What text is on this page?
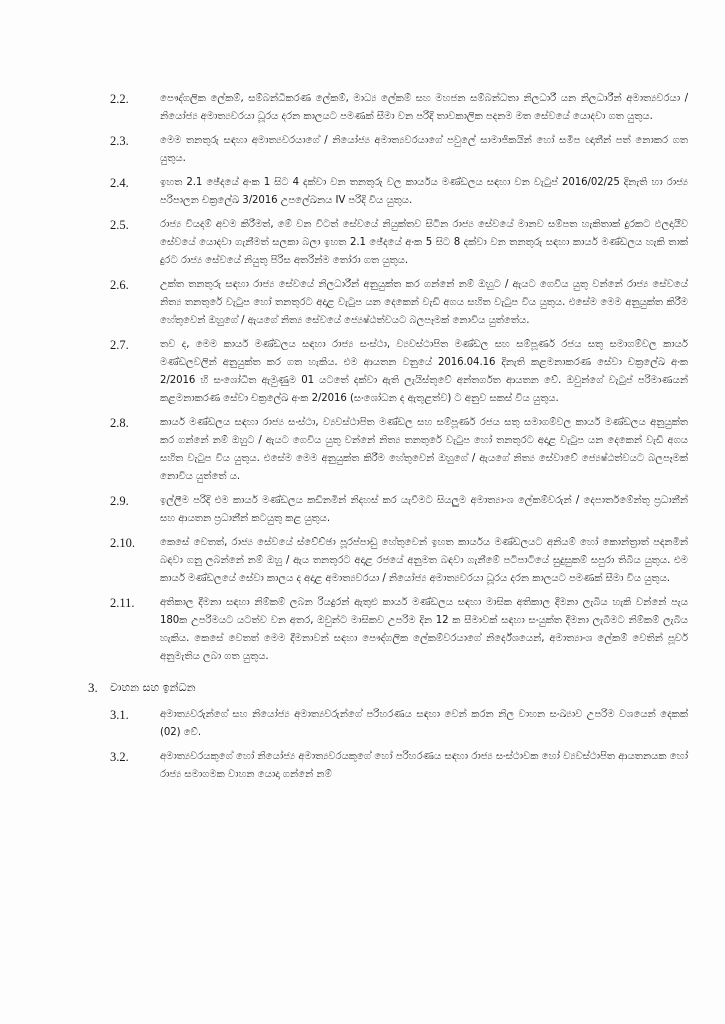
2.2.	පෞද්ගලික ලේකම්, සම්බන්ධීකරණ ලේකම්, මාධ්‍ය ලේකම් සහ මහජන සම්බන්ධතා නිලධාරී යන නිලධාරීන් අමාත්‍යවරයා / නියෝජ්‍ය අමාත්‍යවරයා ධූරය දරන කාලයට පමණක් සීමා වන පරිදි තාවකාලික පදනම මත සේවයේ යොදවා ගත යුතුය.
2.3.	මෙම තනතුරු සඳහා අමාත්‍යවරයාගේ / නියෝජ්‍ය අමාත්‍යවරයාගේ පවුලේ සාමාජිකයින් හෝ සමීප ඥාතීන් පත් නොකර ගත යුතුය.
2.4.	ඉහත 2.1 ඡේදයේ අංක 1 සිට 4 දක්වා වන තනතුරු වල කාර්යය මණ්ඩලය සඳහා වන වැටුප් 2016/02/25 දිනැති හා රාජ්‍ය පරිපාලන චක්‍රලේඛ 3/2016 උපලේඛනය IV පරිදි විය යුතුය.
2.5.	රාජ්‍ය වියදම් අවම කිරීමත්, මේ වන විටත් සේවයේ නියුක්තව සිටින රාජ්‍ය සේවයේ මානව සම්පත හැකිතාක් දුරකට ඵලදායීව සේවයේ යොදවා ගැනීමත් සලකා බලා ඉහත 2.1 ඡේදයේ අංක 5 සිට 8 දක්වා වන තනතුරු සඳහා කාර්ය මණ්ඩලය හැකි තාක් දුරට රාජ්‍ය සේවයේ නියුතු පිරිස අතරින්ම තෝරා ගත යුතුය.
2.6.	උක්ත තනතුරු සඳහා රාජ්‍ය සේවයේ නිලධාරීන් අනුයුක්ත කර ගන්නේ නම් ඔහුට / ඇයට ගෙවිය යුතු වන්නේ රාජ්‍ය සේවයේ නිත්‍ය තනතුරේ වැටුප හෝ තනතුරට අදාළ වැටුප යන දෙකෙන් වැඩි අගය සහිත වැටුප විය යුතුය. එසේම මෙම අනුයුක්ත කිරීම හේතුවෙන් ඔහුගේ / ඇයගේ නිත්‍ය සේවයේ ජ්‍යෙෂ්ඨත්වයට බලපෑමක් නොවිය යුත්තේය.
2.7.	තව ද, මෙම කාර්ය මණ්ඩලය සඳහා රාජ්‍ය සංස්ථා, ව්‍යවස්ථාපිත මණ්ඩල සහ සම්පූර්ණ රජය සතු සමාගම්වල කාර්ය මණ්ඩලවලින් අනුයුක්ත කර ගත හැකිය. එම ආයතන වනුයේ 2016.04.16 දිනැති කළමනාකරණ සේවා චක්‍රලේඛ අංක 2/2016 හි සංශෝධිත ඇමුණුම 01 යටතේ දක්වා ඇති ලැයිස්තුවේ අන්තර්ගත ආයතන වේ. ඔවුන්ගේ වැටුප් පරිමාණයන් කළමනාකරණ සේවා චක්‍රලේඛ අංක 2/2016 (සංශෝධන ද ඇතුළත්ව) ට අනුව සකස් විය යුතුය.
2.8.	කාර්ය මණ්ඩලය සඳහා රාජ්‍ය සංස්ථා, ව්‍යවස්ථාපිත මණ්ඩල සහ සම්පූර්ණ රජය සතු සමාගම්වල කාර්ය මණ්ඩලය අනුයුක්ත කර ගන්නේ නම් ඔහුට / ඇයට ගෙවිය යුතු වන්නේ නිත්‍ය තනතුරේ වැටුප හෝ තනතුරට අදාළ වැටුප යන දෙකෙන් වැඩි අගය සහිත වැටුප විය යුතුය. එසේම මෙම අනුයුක්ත කිරීම හේතුවෙන් ඔහුගේ / ඇයගේ නිත්‍ය සේවාවේ ජ්‍යෙෂ්ඨත්වයට බලපෑමක් නොවිය යුත්තේ ය.
2.9.	ඉල්ලීම පරිදි එම කාර්ය මණ්ඩලය කඩිනමින් නිදහස් කර යැවීමට සියලුම අමාත්‍යාංශ ලේකම්වරුන් / දෙපාර්තමේන්තු ප්‍රධානීන් සහ ආයතන ප්‍රධානීන් කටයුතු කළ යුතුය.
2.10.	කෙසේ වෙතත්, රාජ්‍ය සේවයේ ස්වේච්ඡා පූරප්පාඩු හේතුවෙන් ඉහත කාර්යය මණ්ඩලයට අනියම් හෝ කොන්ත්‍රාත් පදනමින් බඳවා ගනු ලබන්නේ නම් ඔහු / ඇය තනතුරට අදාළ රජයේ අනුමත බඳවා ගැනීමේ පටිපාටියේ සුදුසුකම් සපුරා තිබිය යුතුය. එම කාර්ය මණ්ඩලයේ සේවා කාලය ද අදාළ අමාත්‍යවරයා / නියෝජ්‍ය අමාත්‍යවරයා ධූරය දරන කාලයට පමණක් සීමා විය යුතුය.
2.11.	අතිකාල දීමනා සඳහා නිම්කම් ලබන රියදුරන් ඇතුළු කාර්ය මණ්ඩලය සඳහා මාසික අතිකාල දීමනා ලැබිය හැකි වන්නේ පැය 180ක උපරිමයට යටත්ව වන අතර, ඔවුන්ට මාසිකව උපරිම දින 12 ක සීමාවක් සඳහා සංයුක්ත දීමනා ලැබීමට නිම්කම් ලැබිය හැකිය. කෙසේ වෙතත් මෙම දීමනාවන් සඳහා පෞද්ගලික ලේකම්වරයාගේ නිර්දේශයෙන්, අමාත්‍යාංශ ලේකම් වෙතින් පූර්ව අනුමැතිය ලබා ගත යුතුය.
3.	වාහන සහ ඉන්ධන
3.1.	අමාත්‍යවරුන්ගේ සහ නියෝජ්‍ය අමාත්‍යවරුන්ගේ පරිහරණය සඳහා වෙන් කරන නිල වාහන සංඛ්‍යාව උපරිම වශයෙන් දෙකක් (02) වේ.
3.2.	අමාත්‍යවරයකුගේ හෝ නියෝජ්‍ය අමාත්‍යවරයකුගේ හෝ පරිහරණය සඳහා රාජ්‍ය සංස්ථාවක හෝ ව්‍යවස්ථාපිත ආයතනයක හෝ රාජ්‍ය සමාගමක වාහන යොදා ගන්නේ නම්
